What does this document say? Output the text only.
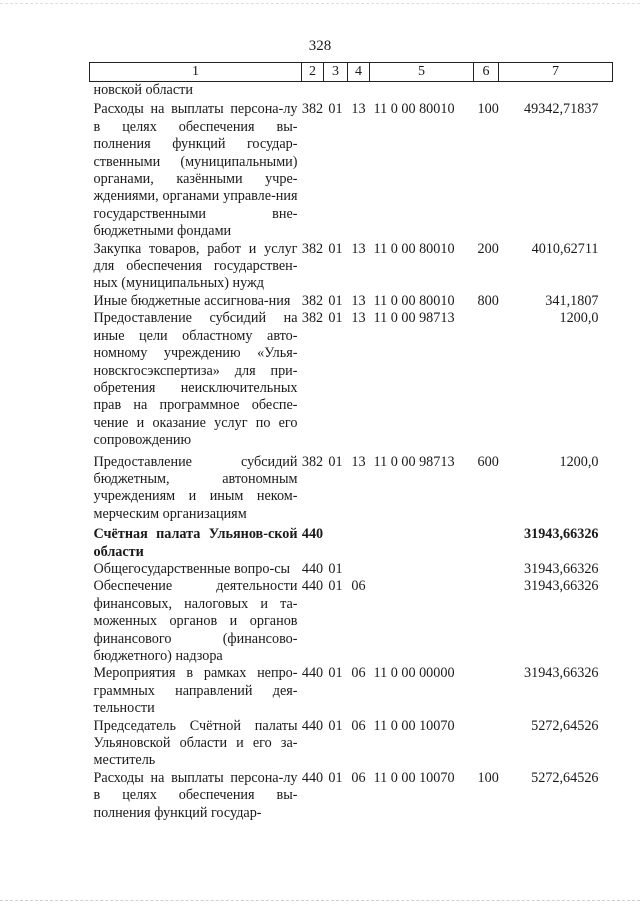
328
1	2	3	4	5	6	7
новской области						
Расходы на выплаты персона-лу в целях обеспечения вы-полнения функций государ-ственными (муниципальными) органами, казёнными учре-ждениями, органами управле-ния государственными вне-бюджетными фондами	382	01	13	11 0 00 80010	100	49342,71837
Закупка товаров, работ и услуг для обеспечения государствен-ных (муниципальных) нужд	382	01	13	11 0 00 80010	200	4010,62711
Иные бюджетные ассигнова-ния	382	01	13	11 0 00 80010	800	341,1807
Предоставление субсидий на иные цели областному авто-номному учреждению «Улья-новскгосэкспертиза» для при-обретения неисключительных прав на программное обеспе-чение и оказание услуг по его сопровождению	382	01	13	11 0 00 98713		1200,0
Предоставление субсидий бюджетным, автономным учреждениям и иным неком-мерческим организациям	382	01	13	11 0 00 98713	600	1200,0
Счётная палата Ульянов-ской области	440					31943,66326
Общегосударственные вопро-сы	440	01				31943,66326
Обеспечение деятельности финансовых, налоговых и та-моженных органов и органов финансового (финансово-бюджетного) надзора	440	01	06			31943,66326
Мероприятия в рамках непро-граммных направлений дея-тельности	440	01	06	11 0 00 00000		31943,66326
Председатель Счётной палаты Ульяновской области и его за-меститель	440	01	06	11 0 00 10070		5272,64526
Расходы на выплаты персона-лу в целях обеспечения вы-полнения функций государ-	440	01	06	11 0 00 10070	100	5272,64526
